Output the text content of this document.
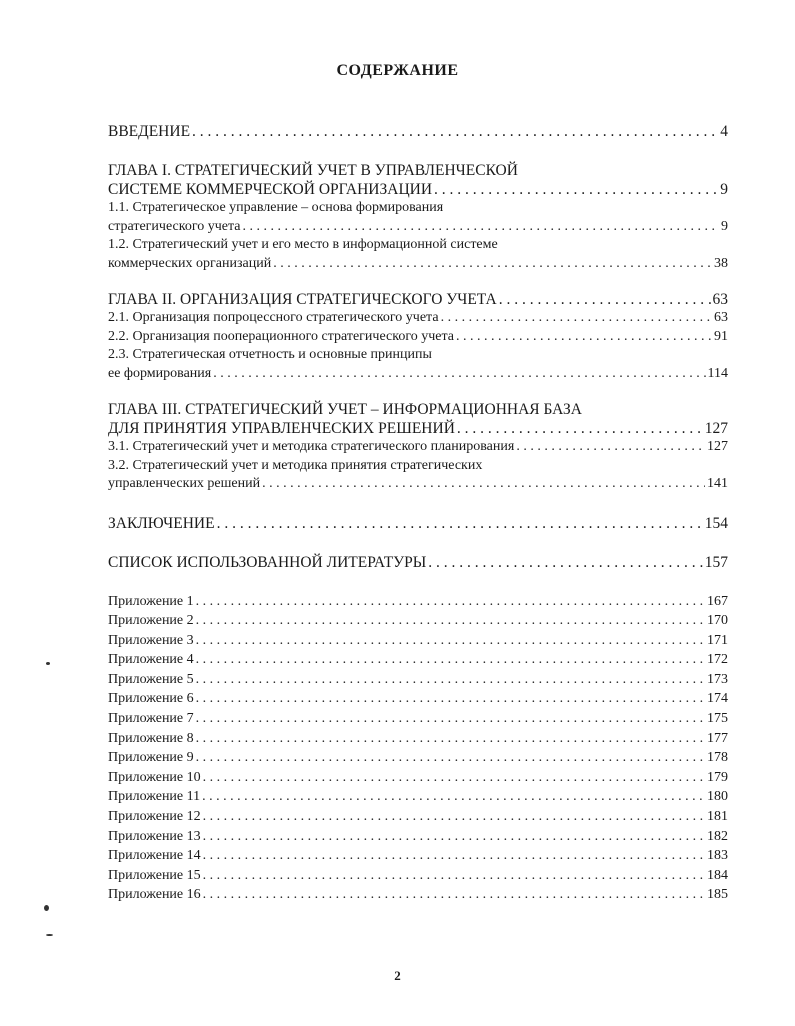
СОДЕРЖАНИЕ
ВВЕДЕНИЕ . . .	4
ГЛАВА I. СТРАТЕГИЧЕСКИЙ УЧЕТ В УПРАВЛЕНЧЕСКОЙ
СИСТЕМЕ КОММЕРЧЕСКОЙ ОРГАНИЗАЦИИ . . .	9
1.1. Стратегическое управление – основа формирования
стратегического учета . . .	9
1.2. Стратегический учет и его место в информационной системе
коммерческих организаций . . .	38
ГЛАВА II. ОРГАНИЗАЦИЯ СТРАТЕГИЧЕСКОГО УЧЕТА . . .	63
2.1. Организация попроцессного стратегического учета . . .	63
2.2. Организация пооперационного стратегического учета . . .	91
2.3. Стратегическая отчетность и основные принципы
ее формирования . . .	114
ГЛАВА III. СТРАТЕГИЧЕСКИЙ УЧЕТ – ИНФОРМАЦИОННАЯ БАЗА
ДЛЯ ПРИНЯТИЯ УПРАВЛЕНЧЕСКИХ РЕШЕНИЙ . . .	127
3.1. Стратегический учет и методика стратегического планирования . . .	127
3.2. Стратегический учет и методика принятия стратегических
управленческих решений . . .	141
ЗАКЛЮЧЕНИЕ . . .	154
СПИСОК ИСПОЛЬЗОВАННОЙ ЛИТЕРАТУРЫ . . .	157
Приложение 1 . . .	167
Приложение 2 . . .	170
Приложение 3 . . .	171
Приложение 4 . . .	172
Приложение 5 . . .	173
Приложение 6 . . .	174
Приложение 7 . . .	175
Приложение 8 . . .	177
Приложение 9 . . .	178
Приложение 10 . . .	179
Приложение 11 . . .	180
Приложение 12 . . .	181
Приложение 13 . . .	182
Приложение 14 . . .	183
Приложение 15 . . .	184
Приложение 16 . . .	185
2
